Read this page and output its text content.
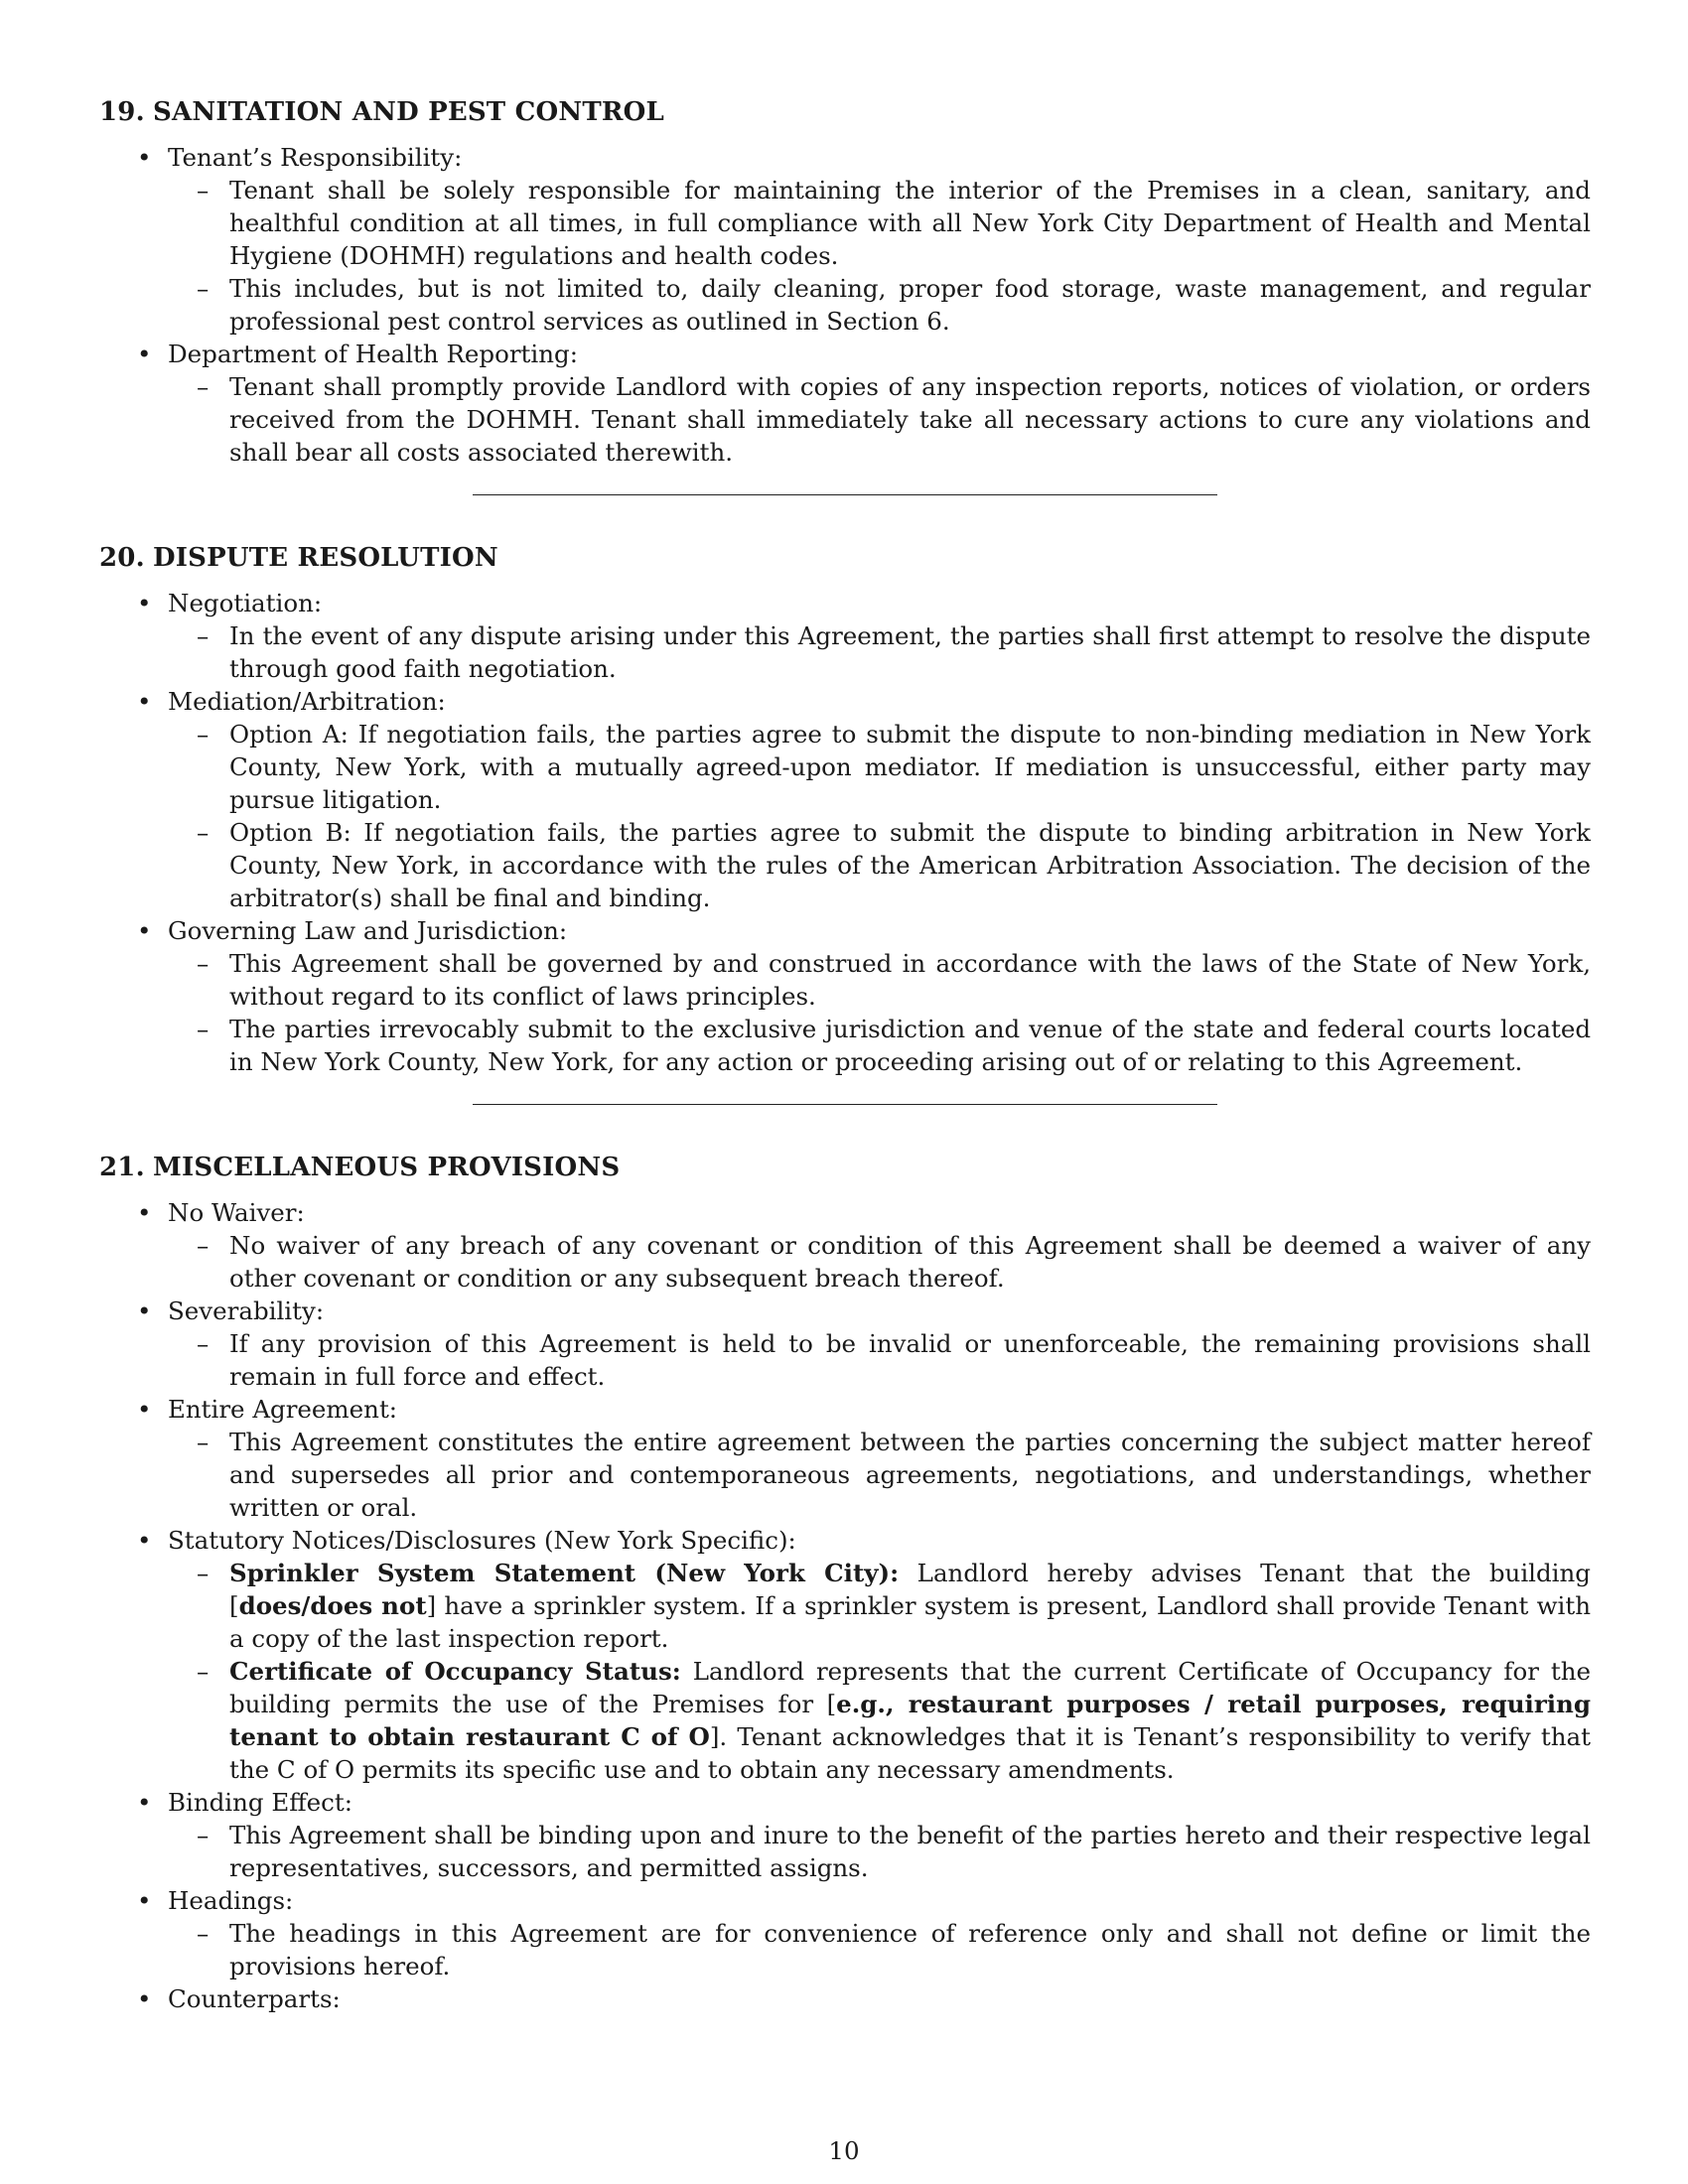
19. SANITATION AND PEST CONTROL
• Tenant’s Responsibility:
– Tenant shall be solely responsible for maintaining the interior of the Premises in a clean, sanitary, and healthful condition at all times, in full compliance with all New York City Department of Health and Mental Hygiene (DOHMH) regulations and health codes.
– This includes, but is not limited to, daily cleaning, proper food storage, waste management, and regular professional pest control services as outlined in Section 6.
• Department of Health Reporting:
– Tenant shall promptly provide Landlord with copies of any inspection reports, notices of violation, or orders received from the DOHMH. Tenant shall immediately take all necessary actions to cure any violations and shall bear all costs associated therewith.
20. DISPUTE RESOLUTION
• Negotiation:
– In the event of any dispute arising under this Agreement, the parties shall first attempt to resolve the dispute through good faith negotiation.
• Mediation/Arbitration:
– Option A: If negotiation fails, the parties agree to submit the dispute to non-binding mediation in New York County, New York, with a mutually agreed-upon mediator. If mediation is unsuccessful, either party may pursue litigation.
– Option B: If negotiation fails, the parties agree to submit the dispute to binding arbitration in New York County, New York, in accordance with the rules of the American Arbitration Association. The decision of the arbitrator(s) shall be final and binding.
• Governing Law and Jurisdiction:
– This Agreement shall be governed by and construed in accordance with the laws of the State of New York, without regard to its conflict of laws principles.
– The parties irrevocably submit to the exclusive jurisdiction and venue of the state and federal courts located in New York County, New York, for any action or proceeding arising out of or relating to this Agreement.
21. MISCELLANEOUS PROVISIONS
• No Waiver:
– No waiver of any breach of any covenant or condition of this Agreement shall be deemed a waiver of any other covenant or condition or any subsequent breach thereof.
• Severability:
– If any provision of this Agreement is held to be invalid or unenforceable, the remaining provisions shall remain in full force and effect.
• Entire Agreement:
– This Agreement constitutes the entire agreement between the parties concerning the subject matter hereof and supersedes all prior and contemporaneous agreements, negotiations, and understandings, whether written or oral.
• Statutory Notices/Disclosures (New York Specific):
– Sprinkler System Statement (New York City): Landlord hereby advises Tenant that the building [does/does not] have a sprinkler system. If a sprinkler system is present, Landlord shall provide Tenant with a copy of the last inspection report.
– Certificate of Occupancy Status: Landlord represents that the current Certificate of Occupancy for the building permits the use of the Premises for [e.g., restaurant purposes / retail purposes, requiring tenant to obtain restaurant C of O]. Tenant acknowledges that it is Tenant’s responsibility to verify that the C of O permits its specific use and to obtain any necessary amendments.
• Binding Effect:
– This Agreement shall be binding upon and inure to the benefit of the parties hereto and their respective legal representatives, successors, and permitted assigns.
• Headings:
– The headings in this Agreement are for convenience of reference only and shall not define or limit the provisions hereof.
• Counterparts:
10
